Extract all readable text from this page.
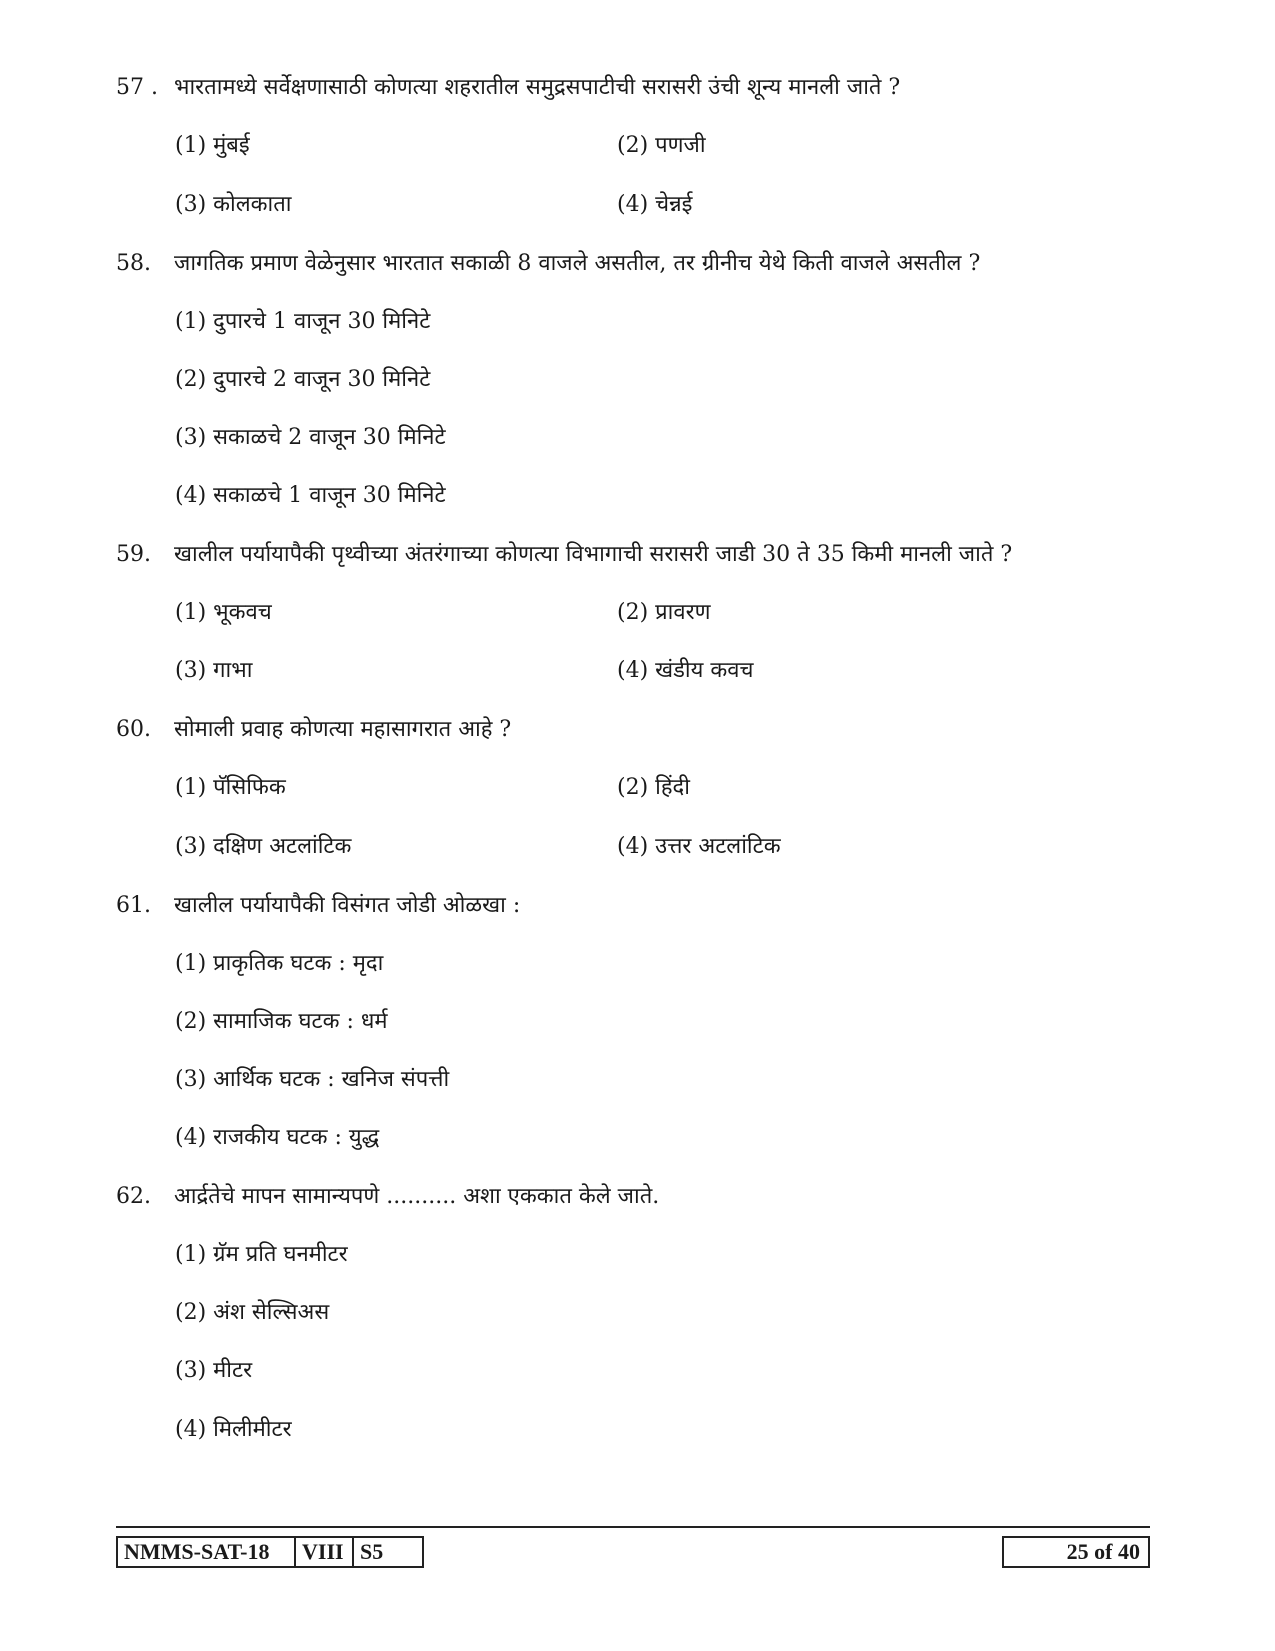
57 . भारतामध्ये सर्वेक्षणासाठी कोणत्या शहरातील समुद्रसपाटीची सरासरी उंची शून्य मानली जाते ?
(1) मुंबई	(2) पणजी
(3) कोलकाता	(4) चेन्नई
58. जागतिक प्रमाण वेळेनुसार भारतात सकाळी 8 वाजले असतील, तर ग्रीनीच येथे किती वाजले असतील ?
(1) दुपारचे 1 वाजून 30 मिनिटे
(2) दुपारचे 2 वाजून 30 मिनिटे
(3) सकाळचे 2 वाजून 30 मिनिटे
(4) सकाळचे 1 वाजून 30 मिनिटे
59. खालील पर्यायापैकी पृथ्वीच्या अंतरंगाच्या कोणत्या विभागाची सरासरी जाडी 30 ते 35 किमी मानली जाते ?
(1) भूकवच	(2) प्रावरण
(3) गाभा	(4) खंडीय कवच
60. सोमाली प्रवाह कोणत्या महासागरात आहे ?
(1) पॅसिफिक	(2) हिंदी
(3) दक्षिण अटलांटिक	(4) उत्तर अटलांटिक
61. खालील पर्यायापैकी विसंगत जोडी ओळखा :
(1) प्राकृतिक घटक : मृदा
(2) सामाजिक घटक : धर्म
(3) आर्थिक घटक : खनिज संपत्ती
(4) राजकीय घटक : युद्ध
62. आर्द्रतेचे मापन सामान्यपणे .......... अशा एककात केले जाते.
(1) ग्रॅम प्रति घनमीटर
(2) अंश सेल्सिअस
(3) मीटर
(4) मिलीमीटर
NMMS-SAT-18 VIII S5	25 of 40
